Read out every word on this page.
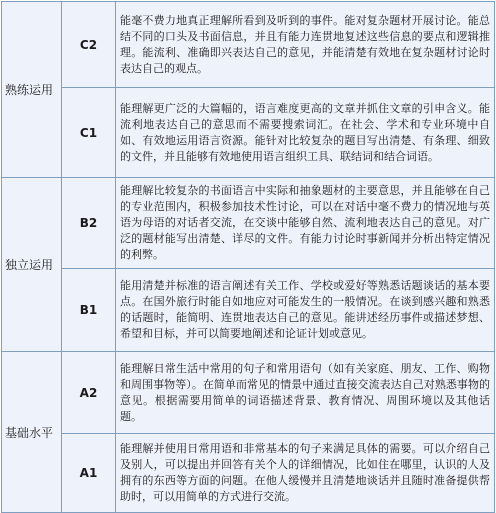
熟练运用	C2	能毫不费力地真正理解所看到及听到的事件。能对复杂题材开展讨论。能总结不同的口头及书面信息，并且有能力连贯地复述这些信息的要点和逻辑推理。能流利、准确即兴表达自己的意见，并能清楚有效地在复杂题材讨论时表达自己的观点。

	C1	能理解更广泛的大篇幅的，语言难度更高的文章并抓住文章的引申含义。能流利地表达自己的意思而不需要搜索词汇。在社会、学术和专业环境中自如、有效地运用语言资源。能针对比较复杂的题目写出清楚、有条理、细致的文件，并且能够有效地使用语言组织工具、联结词和结合词语。

独立运用	B2	能理解比较复杂的书面语言中实际和抽象题材的主要意思，并且能够在自己的专业范围内，积极参加技术性讨论，可以在对话中毫不费力的情况地与英语为母语的对话者交流，在交谈中能够自然、流利地表达自己的意见。对广泛的题材能写出清楚、详尽的文件。有能力讨论时事新闻并分析出特定情况的利弊。

	B1	能用清楚并标准的语言阐述有关工作、学校或爱好等熟悉话题谈话的基本要点。在国外旅行时能自如地应对可能发生的一般情况。在谈到感兴趣和熟悉的话题时，能简明、连贯地表达自己的意见。能讲述经历事件或描述梦想、希望和目标，并可以简要地阐述和论证计划或意见。

基础水平	A2	能理解日常生活中常用的句子和常用语句（如有关家庭、朋友、工作、购物和周围事物等）。在简单而常见的情景中通过直接交流表达自己对熟悉事物的意见。根据需要用简单的词语描述背景、教育情况、周围环境以及其他话题。

	A1	能理解并使用日常用语和非常基本的句子来满足具体的需要。可以介绍自己及别人，可以提出并回答有关个人的详细情况，比如住在哪里，认识的人及拥有的东西等方面的问题。在他人缓慢并且清楚地谈话并且随时准备提供帮助时，可以用简单的方式进行交流。
